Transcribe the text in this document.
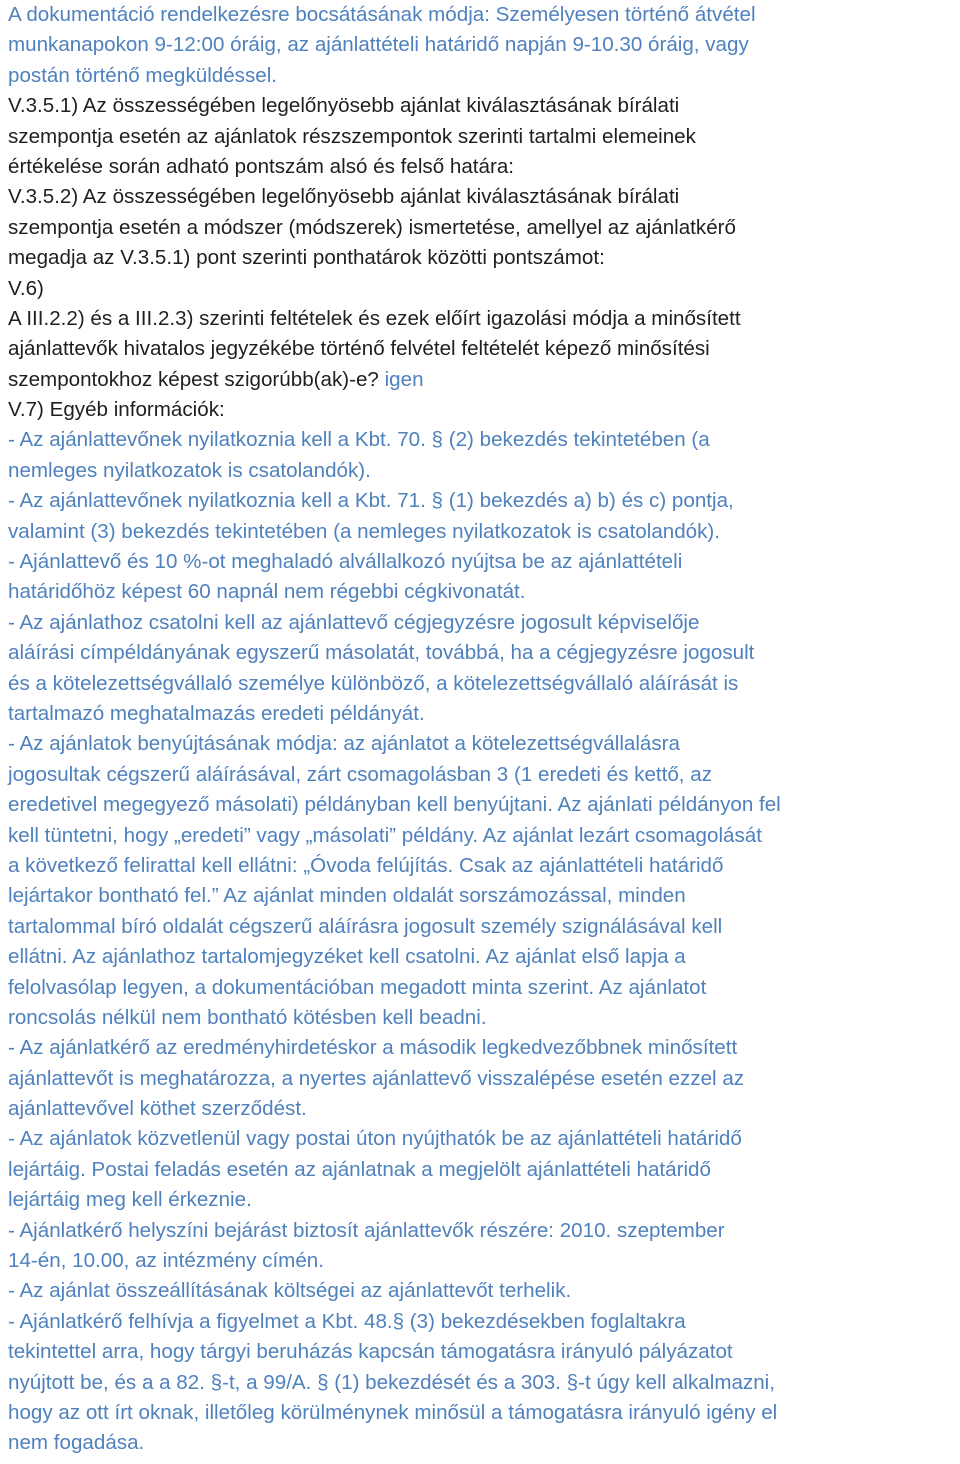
A dokumentáció rendelkezésre bocsátásának módja: Személyesen történő átvétel
munkanapokon 9-12:00 óráig, az ajánlattételi határidő napján 9-10.30 óráig, vagy
postán történő megküldéssel.
V.3.5.1) Az összességében legelőnyösebb ajánlat kiválasztásának bírálati
szempontja esetén az ajánlatok részszempontok szerinti tartalmi elemeinek
értékelése során adható pontszám alsó és felső határa:
V.3.5.2) Az összességében legelőnyösebb ajánlat kiválasztásának bírálati
szempontja esetén a módszer (módszerek) ismertetése, amellyel az ajánlatkérő
megadja az V.3.5.1) pont szerinti ponthatárok közötti pontszámot:
V.6)
A III.2.2) és a III.2.3) szerinti feltételek és ezek előírt igazolási módja a minősített
ajánlattevők hivatalos jegyzékébe történő felvétel feltételét képező minősítési
szempontokhoz képest szigorúbb(ak)-e? igen
V.7) Egyéb információk:
- Az ajánlattevőnek nyilatkoznia kell a Kbt. 70. § (2) bekezdés tekintetében (a
nemleges nyilatkozatok is csatolandók).
- Az ajánlattevőnek nyilatkoznia kell a Kbt. 71. § (1) bekezdés a) b) és c) pontja,
valamint (3) bekezdés tekintetében (a nemleges nyilatkozatok is csatolandók).
- Ajánlattevő és 10 %-ot meghaladó alvállalkozó nyújtsa be az ajánlattételi
határidőhöz képest 60 napnál nem régebbi cégkivonatát.
- Az ajánlathoz csatolni kell az ajánlattevő cégjegyzésre jogosult képviselője
aláírási címpéldányának egyszerű másolatát, továbbá, ha a cégjegyzésre jogosult
és a kötelezettségvállaló személye különböző, a kötelezettségvállaló aláírását is
tartalmazó meghatalmazás eredeti példányát.
- Az ajánlatok benyújtásának módja: az ajánlatot a kötelezettségvállalásra
jogosultak cégszerű aláírásával, zárt csomagolásban 3 (1 eredeti és kettő, az
eredetivel megegyező másolati) példányban kell benyújtani. Az ajánlati példányon fel
kell tüntetni, hogy „eredeti” vagy „másolati” példány. Az ajánlat lezárt csomagolását
a következő felirattal kell ellátni: „Óvoda felújítás. Csak az ajánlattételi határidő
lejártakor bontható fel.” Az ajánlat minden oldalát sorszámozással, minden
tartalommal bíró oldalát cégszerű aláírásra jogosult személy szignálásával kell
ellátni. Az ajánlathoz tartalomjegyzéket kell csatolni. Az ajánlat első lapja a
felolvasólap legyen, a dokumentációban megadott minta szerint. Az ajánlatot
roncsolás nélkül nem bontható kötésben kell beadni.
- Az ajánlatkérő az eredményhirdetéskor a második legkedvezőbbnek minősített
ajánlattevőt is meghatározza, a nyertes ajánlattevő visszalépése esetén ezzel az
ajánlattevővel köthet szerződést.
- Az ajánlatok közvetlenül vagy postai úton nyújthatók be az ajánlattételi határidő
lejártáig. Postai feladás esetén az ajánlatnak a megjelölt ajánlattételi határidő
lejártáig meg kell érkeznie.
- Ajánlatkérő helyszíni bejárást biztosít ajánlattevők részére: 2010. szeptember
14-én, 10.00, az intézmény címén.
- Az ajánlat összeállításának költségei az ajánlattevőt terhelik.
- Ajánlatkérő felhívja a figyelmet a Kbt. 48.§ (3) bekezdésekben foglaltakra
tekintettel arra, hogy tárgyi beruházás kapcsán támogatásra irányuló pályázatot
nyújtott be, és a a 82. §-t, a 99/A. § (1) bekezdését és a 303. §-t úgy kell alkalmazni,
hogy az ott írt oknak, illetőleg körülménynek minősül a támogatásra irányuló igény el
nem fogadása.
